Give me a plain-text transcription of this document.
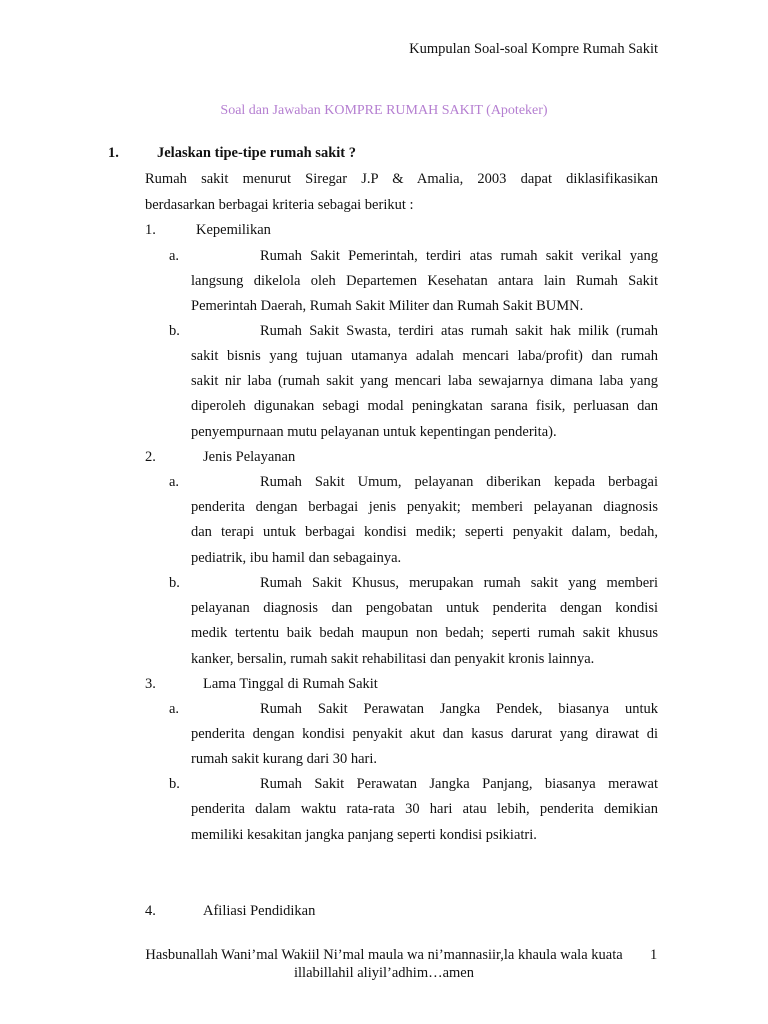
Kumpulan Soal-soal Kompre Rumah Sakit
Soal dan Jawaban KOMPRE RUMAH SAKIT (Apoteker)
1.	Jelaskan tipe-tipe rumah sakit ?
Rumah sakit menurut Siregar J.P & Amalia, 2003 dapat diklasifikasikan
berdasarkan berbagai kriteria sebagai berikut :
1.	Kepemilikan
a.	Rumah Sakit Pemerintah, terdiri atas rumah sakit verikal yang
langsung dikelola oleh Departemen Kesehatan antara lain Rumah Sakit
Pemerintah Daerah, Rumah Sakit Militer dan Rumah Sakit BUMN.
b.	Rumah Sakit Swasta, terdiri atas rumah sakit hak milik (rumah
sakit bisnis yang tujuan utamanya adalah mencari laba/profit) dan rumah
sakit nir laba (rumah sakit yang mencari laba sewajarnya dimana laba yang
diperoleh digunakan sebagi modal peningkatan sarana fisik, perluasan dan
penyempurnaan mutu pelayanan untuk kepentingan penderita).
2.	Jenis Pelayanan
a.	Rumah Sakit Umum, pelayanan diberikan kepada berbagai
penderita dengan berbagai jenis penyakit; memberi pelayanan diagnosis
dan terapi untuk berbagai kondisi medik; seperti penyakit dalam, bedah,
pediatrik, ibu hamil dan sebagainya.
b.	Rumah Sakit Khusus, merupakan rumah sakit yang memberi
pelayanan diagnosis dan pengobatan untuk penderita dengan kondisi
medik tertentu baik bedah maupun non bedah; seperti rumah sakit khusus
kanker, bersalin, rumah sakit rehabilitasi dan penyakit kronis lainnya.
3.	Lama Tinggal di Rumah Sakit
a.	Rumah Sakit Perawatan Jangka Pendek, biasanya untuk
penderita dengan kondisi penyakit akut dan kasus darurat yang dirawat di
rumah sakit kurang dari 30 hari.
b.	Rumah Sakit Perawatan Jangka Panjang, biasanya merawat
penderita dalam waktu rata-rata 30 hari atau lebih, penderita demikian
memiliki kesakitan jangka panjang seperti kondisi psikiatri.
4.	Afiliasi Pendidikan
Hasbunallah Wani’mal Wakiil Ni’mal maula wa ni’mannasiir,la khaula wala kuata
illabillahil aliyil’adhim…amen
1
